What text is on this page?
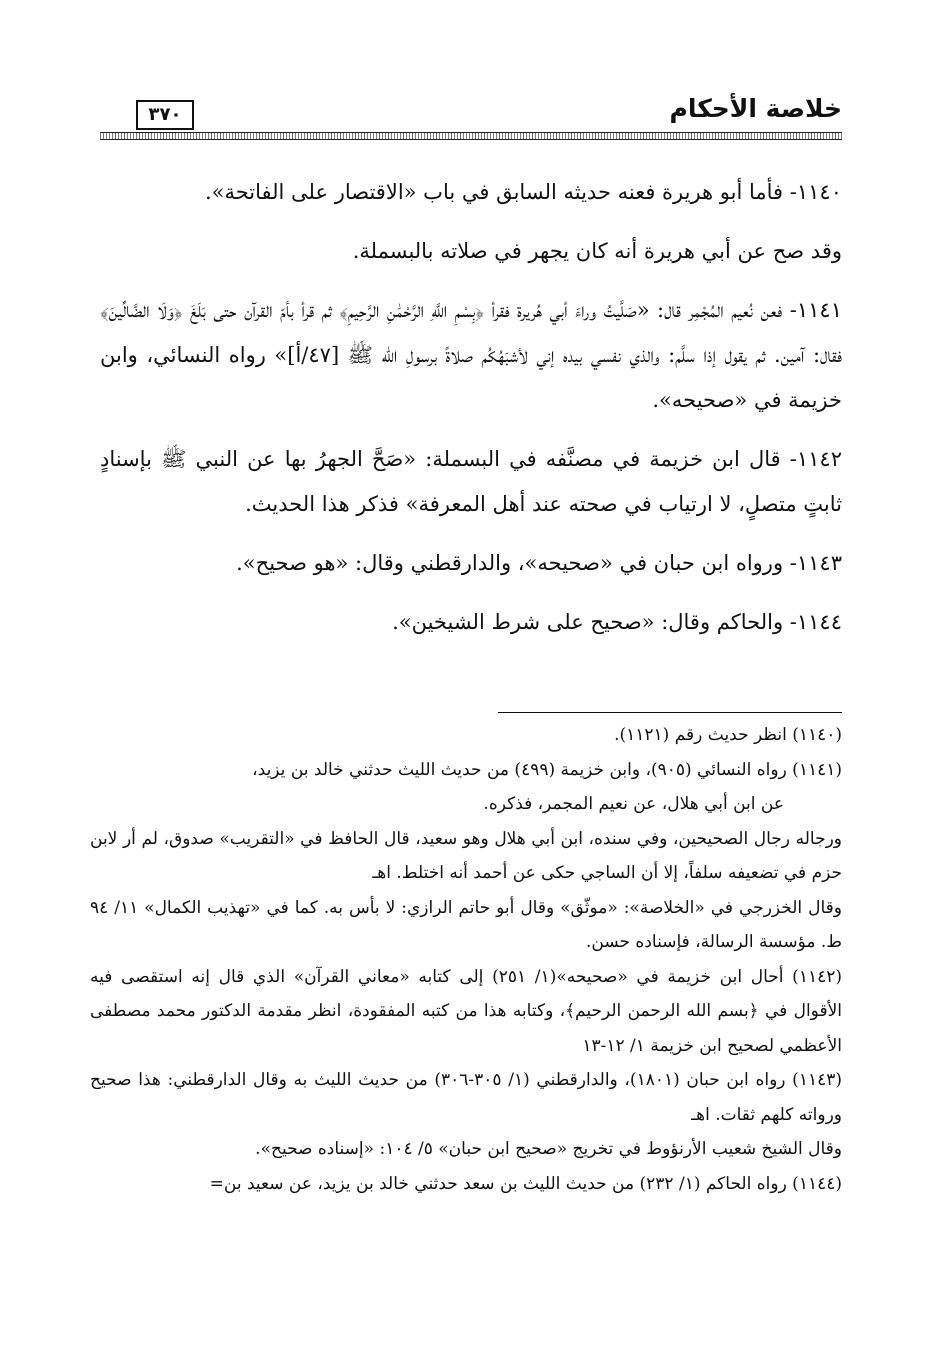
خلاصة الأحكام
٣٧٠

١١٤٠- فأما أبو هريرة فعنه حديثه السابق في باب «الاقتصار على الفاتحة».

وقد صح عن أبي هريرة أنه كان يجهر في صلاته بالبسملة.

١١٤١- فعن نُعيم المُجْمِر قال: «صَلَّيتُ وراءَ أبي هُريرة فقرأ ﴿بِسْمِ اللَّهِ الرَّحْمَٰنِ الرَّحِيمِ﴾ ثم قرأ بأمّ القرآن حتى بَلَغَ ﴿وَلَا الضَّالِّينَ﴾ فقال: آمين. ثم يقول إذا سلَّم: والذي نفسي بيده إني لأشبَهُكُم صلاةً برسولِ الله ﷺ [٤٧/أ]» رواه النسائي، وابن خزيمة في «صحيحه».

١١٤٢- قال ابن خزيمة في مصنَّفه في البسملة: «صَحَّ الجهرُ بها عن النبي ﷺ بإسنادٍ ثابتٍ متصلٍ، لا ارتياب في صحته عند أهل المعرفة» فذكر هذا الحديث.

١١٤٣- ورواه ابن حبان في «صحيحه»، والدارقطني وقال: «هو صحيح».

١١٤٤- والحاكم وقال: «صحيح على شرط الشيخين».

(١١٤٠) انظر حديث رقم (١١٢١).

(١١٤١) رواه النسائي (٩٠٥)، وابن خزيمة (٤٩٩) من حديث الليث حدثني خالد بن يزيد،

عن ابن أبي هلال، عن نعيم المجمر، فذكره.

ورجاله رجال الصحيحين، وفي سنده، ابن أبي هلال وهو سعيد، قال الحافظ في «التقريب» صدوق، لم أر لابن حزم في تضعيفه سلفاً، إلا أن الساجي حكى عن أحمد أنه اختلط. اهـ

وقال الخزرجي في «الخلاصة»: «موثّق» وقال أبو حاتم الرازي: لا بأس به. كما في «تهذيب الكمال» ١١/ ٩٤ ط. مؤسسة الرسالة، فإسناده حسن.

(١١٤٢) أحال ابن خزيمة في «صحيحه»(١/ ٢٥١) إلى كتابه «معاني القرآن» الذي قال إنه استقصى فيه الأقوال في ﴿بسم الله الرحمن الرحيم﴾، وكتابه هذا من كتبه المفقودة، انظر مقدمة الدكتور محمد مصطفى الأعظمي لصحيح ابن خزيمة ١/ ١٢-١٣

(١١٤٣) رواه ابن حبان (١٨٠١)، والدارقطني (١/ ٣٠٥-٣٠٦) من حديث الليث به وقال الدارقطني: هذا صحيح ورواته كلهم ثقات. اهـ

وقال الشيخ شعيب الأرنؤوط في تخريج «صحيح ابن حبان» ٥/ ١٠٤: «إسناده صحيح».

(١١٤٤) رواه الحاكم (١/ ٢٣٢) من حديث الليث بن سعد حدثني خالد بن يزيد، عن سعيد بن=
